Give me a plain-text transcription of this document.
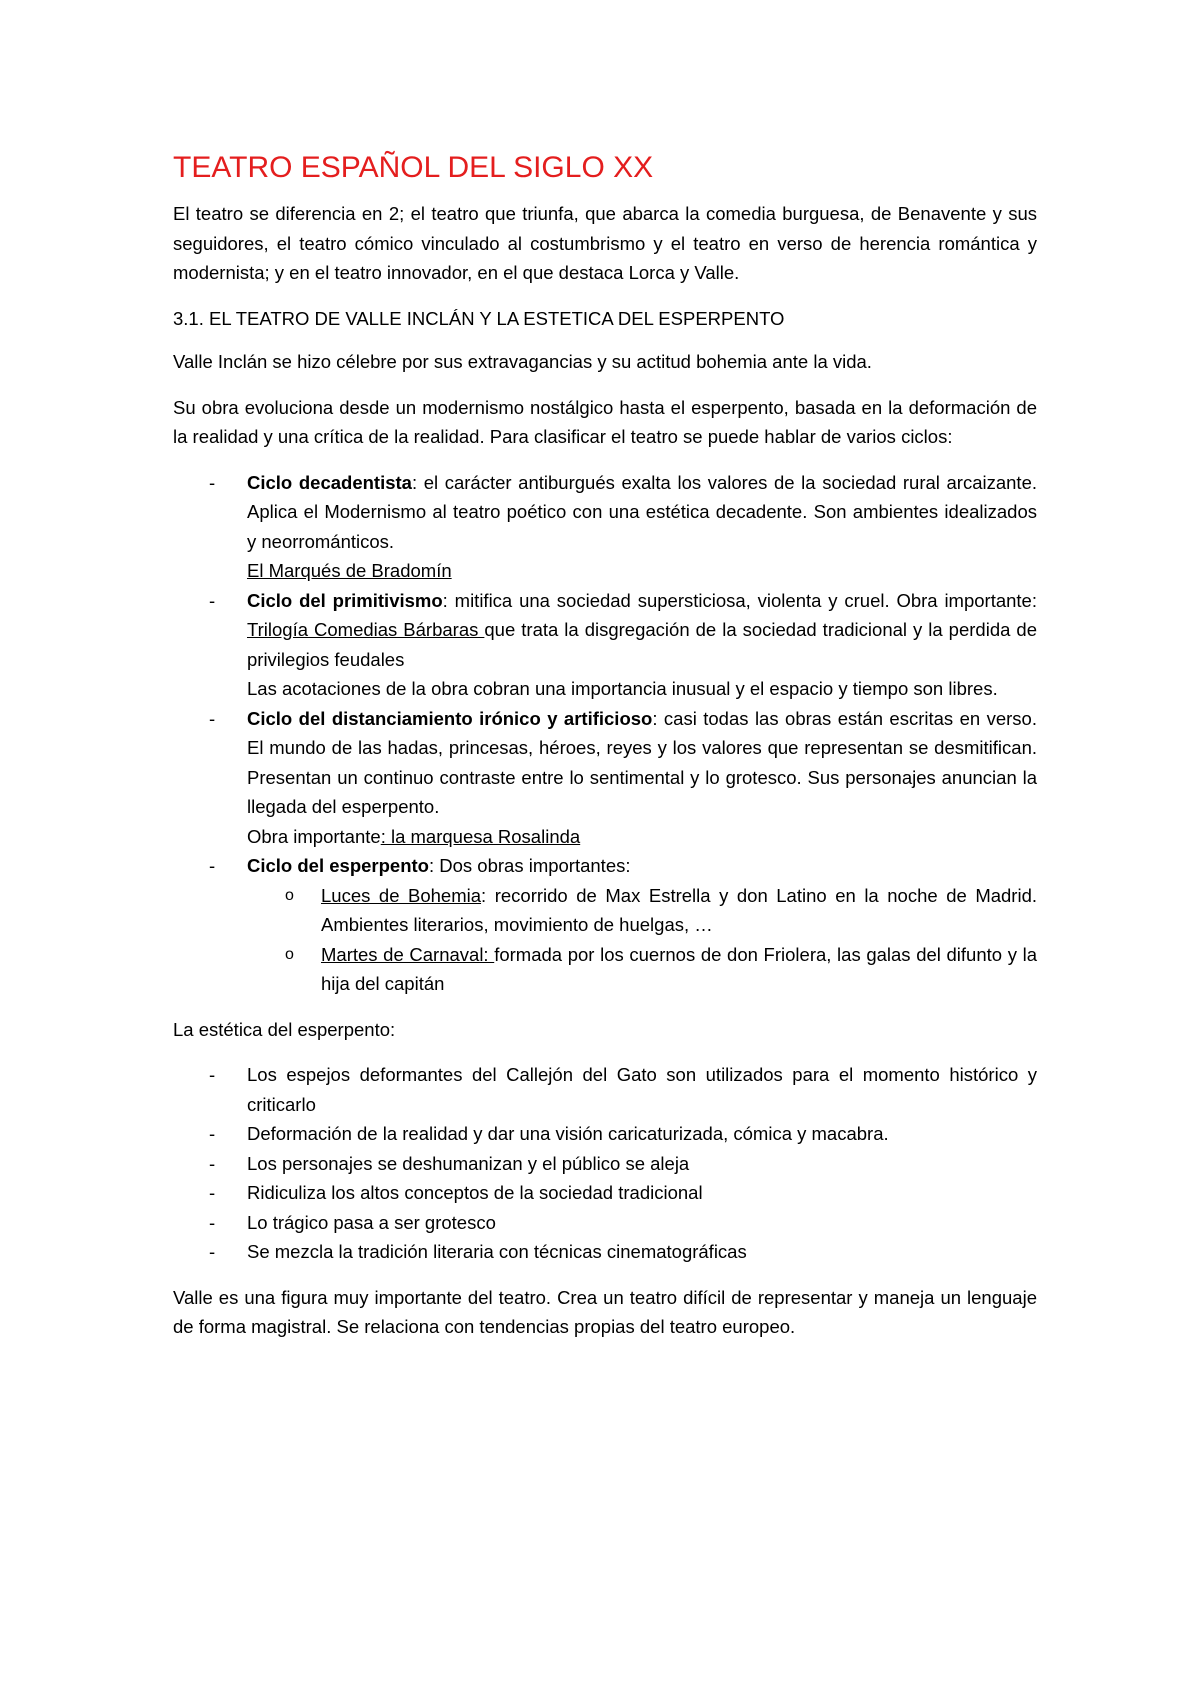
TEATRO ESPAÑOL DEL SIGLO XX

El teatro se diferencia en 2; el teatro que triunfa, que abarca la comedia burguesa, de Benavente y sus seguidores, el teatro cómico vinculado al costumbrismo y el teatro en verso de herencia romántica y modernista; y en el teatro innovador, en el que destaca Lorca y Valle.

3.1. EL TEATRO DE VALLE INCLÁN Y LA ESTETICA DEL ESPERPENTO

Valle Inclán se hizo célebre por sus extravagancias y su actitud bohemia ante la vida.

Su obra evoluciona desde un modernismo nostálgico hasta el esperpento, basada en la deformación de la realidad y una crítica de la realidad. Para clasificar el teatro se puede hablar de varios ciclos:

- Ciclo decadentista: el carácter antiburgués exalta los valores de la sociedad rural arcaizante. Aplica el Modernismo al teatro poético con una estética decadente. Son ambientes idealizados y neorrománticos.
El Marqués de Bradomín
- Ciclo del primitivismo: mitifica una sociedad supersticiosa, violenta y cruel. Obra importante: Trilogía Comedias Bárbaras que trata la disgregación de la sociedad tradicional y la perdida de privilegios feudales
Las acotaciones de la obra cobran una importancia inusual y el espacio y tiempo son libres.
- Ciclo del distanciamiento irónico y artificioso: casi todas las obras están escritas en verso. El mundo de las hadas, princesas, héroes, reyes y los valores que representan se desmitifican. Presentan un continuo contraste entre lo sentimental y lo grotesco. Sus personajes anuncian la llegada del esperpento.
Obra importante: la marquesa Rosalinda
- Ciclo del esperpento: Dos obras importantes:
o Luces de Bohemia: recorrido de Max Estrella y don Latino en la noche de Madrid. Ambientes literarios, movimiento de huelgas, …
o Martes de Carnaval: formada por los cuernos de don Friolera, las galas del difunto y la hija del capitán

La estética del esperpento:

- Los espejos deformantes del Callejón del Gato son utilizados para el momento histórico y criticarlo
- Deformación de la realidad y dar una visión caricaturizada, cómica y macabra.
- Los personajes se deshumanizan y el público se aleja
- Ridiculiza los altos conceptos de la sociedad tradicional
- Lo trágico pasa a ser grotesco
- Se mezcla la tradición literaria con técnicas cinematográficas

Valle es una figura muy importante del teatro. Crea un teatro difícil de representar y maneja un lenguaje de forma magistral. Se relaciona con tendencias propias del teatro europeo.
